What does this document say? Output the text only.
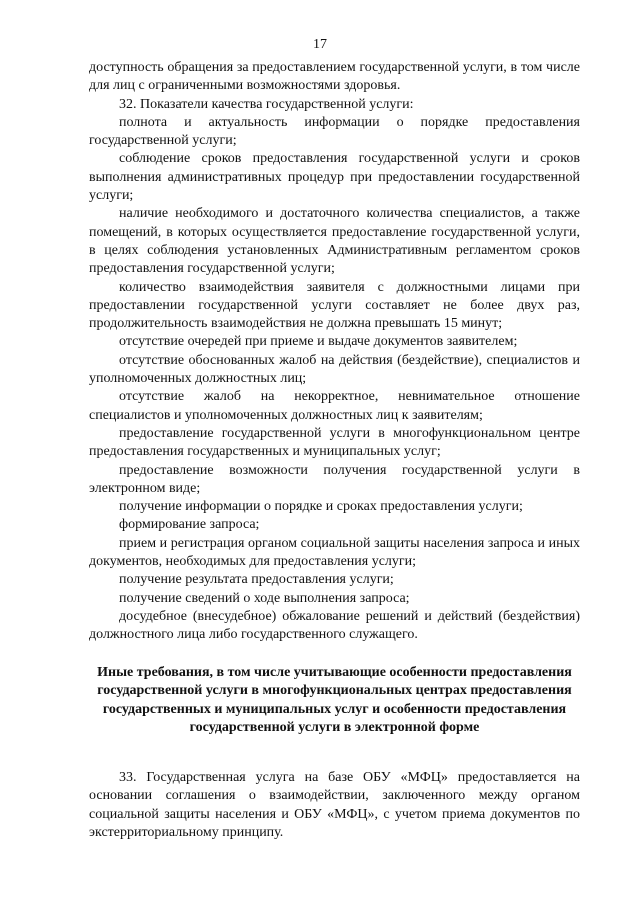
17

доступность обращения за предоставлением государственной услуги, в том числе для лиц с ограниченными возможностями здоровья.

32. Показатели качества государственной услуги:

полнота и актуальность информации о порядке предоставления государственной услуги;

соблюдение сроков предоставления государственной услуги и сроков выполнения административных процедур при предоставлении государственной услуги;

наличие необходимого и достаточного количества специалистов, а также помещений, в которых осуществляется предоставление государственной услуги, в целях соблюдения установленных Административным регламентом сроков предоставления государственной услуги;

количество взаимодействия заявителя с должностными лицами при предоставлении государственной услуги составляет не более двух раз, продолжительность взаимодействия не должна превышать 15 минут;

отсутствие очередей при приеме и выдаче документов заявителем;

отсутствие обоснованных жалоб на действия (бездействие), специалистов и уполномоченных должностных лиц;

отсутствие жалоб на некорректное, невнимательное отношение специалистов и уполномоченных должностных лиц к заявителям;

предоставление государственной услуги в многофункциональном центре предоставления государственных и муниципальных услуг;

предоставление возможности получения государственной услуги в электронном виде;

получение информации о порядке и сроках предоставления услуги;

формирование запроса;

прием и регистрация органом социальной защиты населения запроса и иных документов, необходимых для предоставления услуги;

получение результата предоставления услуги;

получение сведений о ходе выполнения запроса;

досудебное (внесудебное) обжалование решений и действий (бездействия) должностного лица либо государственного служащего.

Иные требования, в том числе учитывающие особенности предоставления государственной услуги в многофункциональных центрах предоставления государственных и муниципальных услуг и особенности предоставления государственной услуги в электронной форме

33. Государственная услуга на базе ОБУ «МФЦ» предоставляется на основании соглашения о взаимодействии, заключенного между органом социальной защиты населения и ОБУ «МФЦ», с учетом приема документов по экстерриториальному принципу.
